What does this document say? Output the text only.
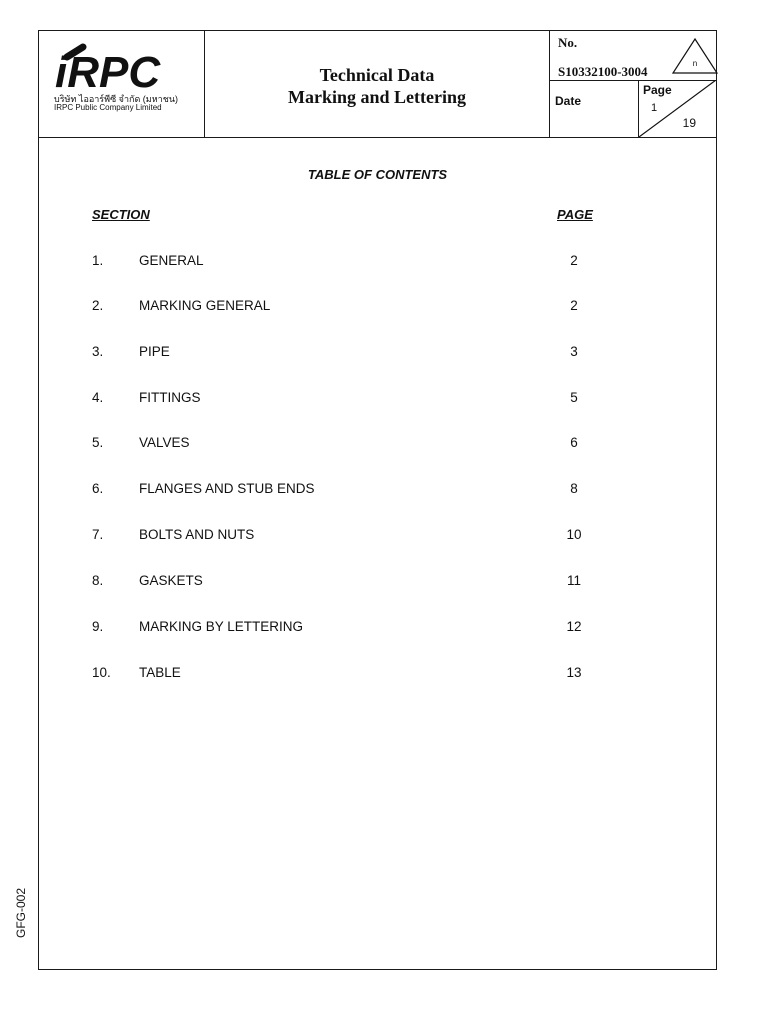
iRPC
บริษัท ไออาร์พีซี จำกัด (มหาชน)
IRPC Public Company Limited
Technical Data
Marking and Lettering
No.
S10332100-3004
n
Date
Page
1
19
TABLE OF CONTENTS
SECTION	PAGE
1.	GENERAL	2
2.	MARKING GENERAL	2
3.	PIPE	3
4.	FITTINGS	5
5.	VALVES	6
6.	FLANGES AND STUB ENDS	8
7.	BOLTS AND NUTS	10
8.	GASKETS	11
9.	MARKING BY LETTERING	12
10. TABLE	13
GFG-002
